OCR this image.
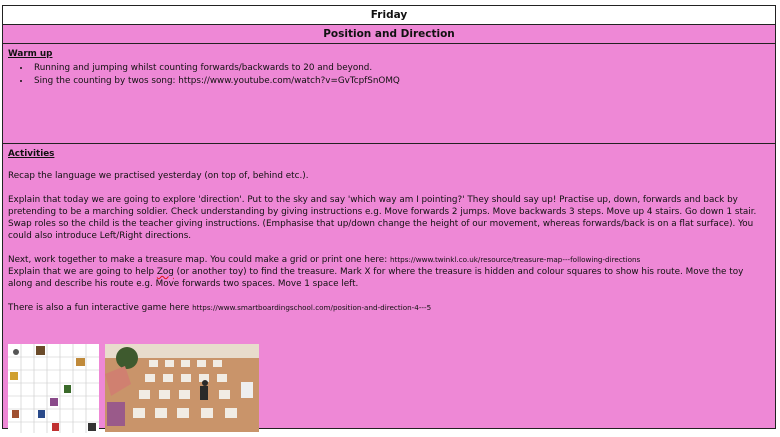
Friday
Position and Direction
Warm up
• Running and jumping whilst counting forwards/backwards to 20 and beyond.
• Sing the counting by twos song: https://www.youtube.com/watch?v=GvTcpfSnOMQ
Activities

Recap the language we practised yesterday (on top of, behind etc.).

Explain that today we are going to explore 'direction'. Put to the sky and say 'which way am I pointing?' They should say up! Practise up, down, forwards and back by pretending to be a marching soldier. Check understanding by giving instructions e.g. Move forwards 2 jumps. Move backwards 3 steps. Move up 4 stairs. Go down 1 stair. Swap roles so the child is the teacher giving instructions. (Emphasise that up/down change the height of our movement, whereas forwards/back is on a flat surface). You could also introduce Left/Right directions.

Next, work together to make a treasure map. You could make a grid or print one here: https://www.twinkl.co.uk/resource/treasure-map---following-directions

Explain that we are going to help Zog (or another toy) to find the treasure. Mark X for where the treasure is hidden and colour squares to show his route. Move the toy along and describe his route e.g. Move forwards two spaces. Move 1 space left.

There is also a fun interactive game here https://www.smartboardingschool.com/position-and-direction-4---5
